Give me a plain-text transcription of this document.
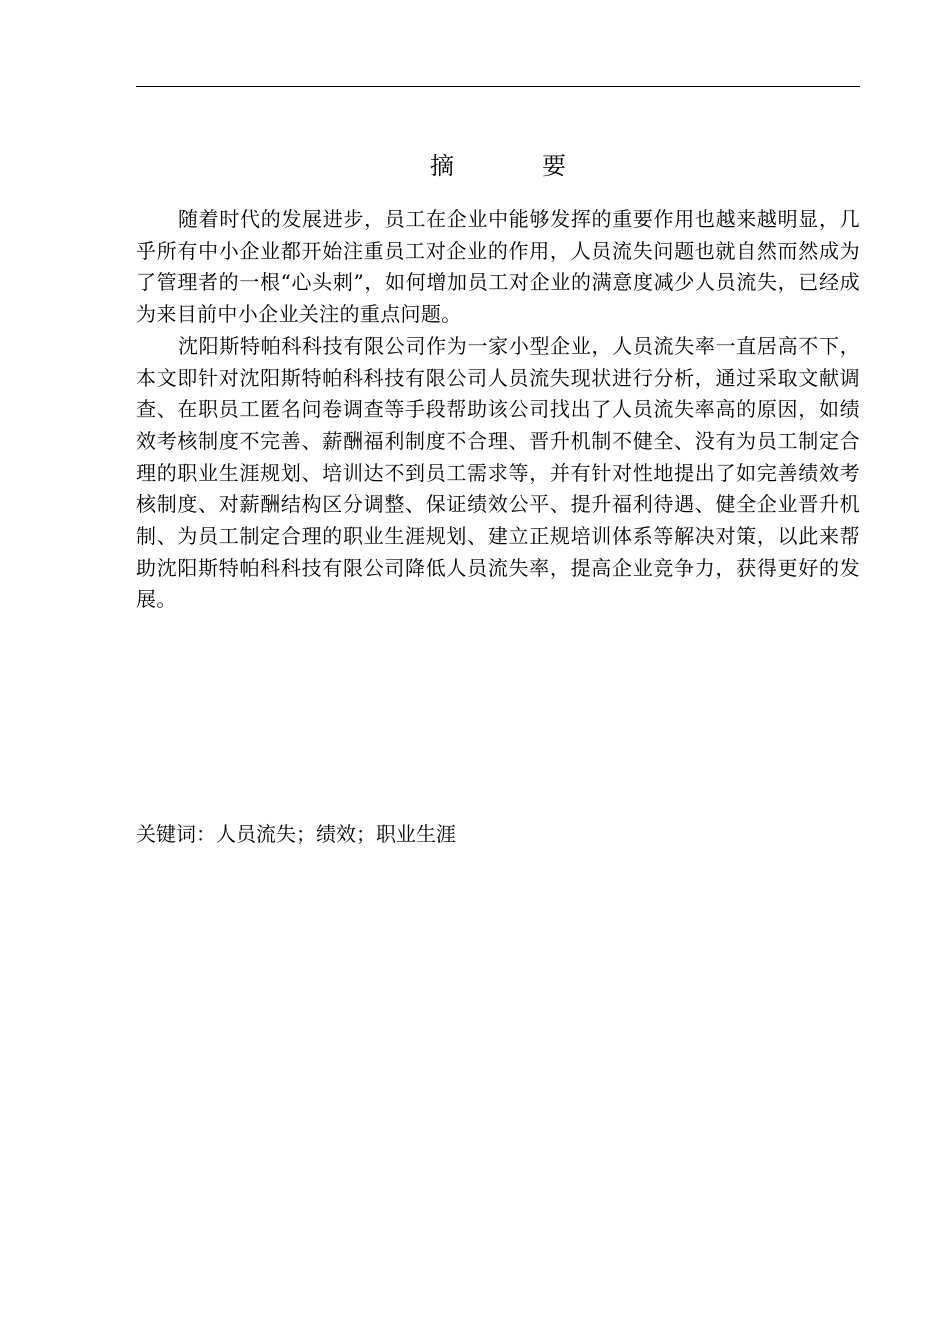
摘　要

随着时代的发展进步，员工在企业中能够发挥的重要作用也越来越明显，几乎所有中小企业都开始注重员工对企业的作用，人员流失问题也就自然而然成为了管理者的一根“心头刺”，如何增加员工对企业的满意度减少人员流失，已经成为来目前中小企业关注的重点问题。

沈阳斯特帕科科技有限公司作为一家小型企业，人员流失率一直居高不下，本文即针对沈阳斯特帕科科技有限公司人员流失现状进行分析，通过采取文献调查、在职员工匿名问卷调查等手段帮助该公司找出了人员流失率高的原因，如绩效考核制度不完善、薪酬福利制度不合理、晋升机制不健全、没有为员工制定合理的职业生涯规划、培训达不到员工需求等，并有针对性地提出了如完善绩效考核制度、对薪酬结构区分调整、保证绩效公平、提升福利待遇、健全企业晋升机制、为员工制定合理的职业生涯规划、建立正规培训体系等解决对策，以此来帮助沈阳斯特帕科科技有限公司降低人员流失率，提高企业竞争力，获得更好的发展。

关键词：人员流失；绩效；职业生涯
